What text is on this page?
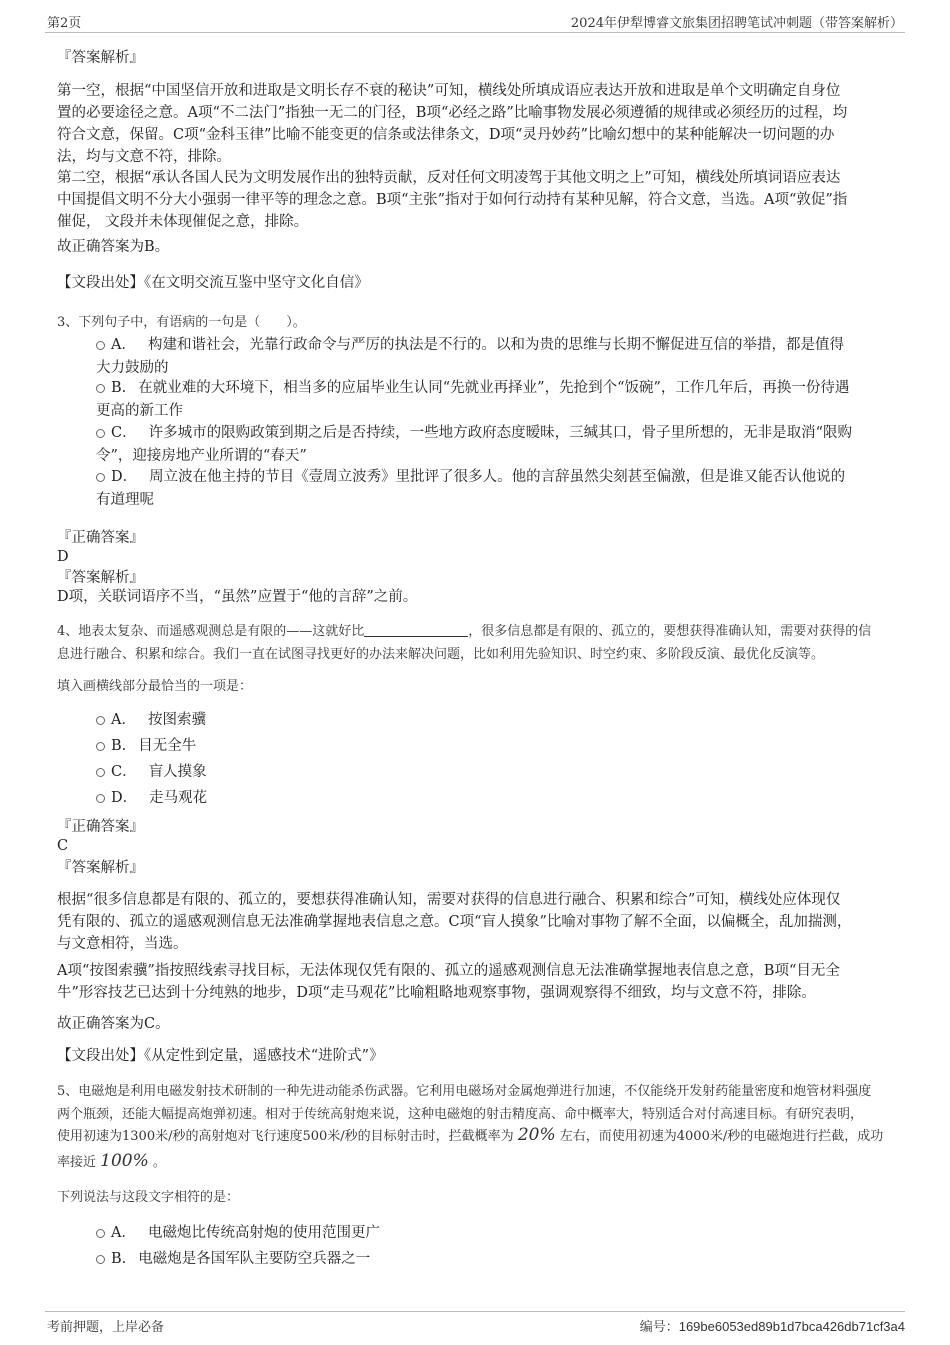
第2页	2024年伊犁博睿文旅集团招聘笔试冲刺题（带答案解析）
『答案解析』
第一空，根据“中国坚信开放和进取是文明长存不衰的秘诀”可知，横线处所填成语应表达开放和进取是单个文明确定自身位
置的必要途径之意。A项“不二法门”指独一无二的门径，B项“必经之路”比喻事物发展必须遵循的规律或必须经历的过程，均
符合文意，保留。C项“金科玉律”比喻不能变更的信条或法律条文，D项“灵丹妙药”比喻幻想中的某种能解决一切问题的办
法，均与文意不符，排除。
第二空，根据“承认各国人民为文明发展作出的独特贡献，反对任何文明凌驾于其他文明之上”可知，横线处所填词语应表达
中国提倡文明不分大小强弱一律平等的理念之意。B项“主张”指对于如何行动持有某种见解，符合文意，当选。A项“敦促”指
催促， 文段并未体现催促之意，排除。
故正确答案为B。
【文段出处】《在文明交流互鉴中坚守文化自信》
3、下列句子中，有语病的一句是（　　）。
A． 构建和谐社会，光靠行政命令与严厉的执法是不行的。以和为贵的思维与长期不懈促进互信的举措，都是值得
大力鼓励的
B. 在就业难的大环境下，相当多的应届毕业生认同“先就业再择业”，先抢到个“饭碗”，工作几年后，再换一份待遇
更高的新工作
C． 许多城市的限购政策到期之后是否持续，一些地方政府态度暧昧，三缄其口，骨子里所想的，无非是取消“限购
令”，迎接房地产业所谓的“春天”
D． 周立波在他主持的节目《壹周立波秀》里批评了很多人。他的言辞虽然尖刻甚至偏激，但是谁又能否认他说的
有道理呢
『正确答案』
D
『答案解析』
D项，关联词语序不当，“虽然”应置于“他的言辞”之前。
4、地表太复杂、而遥感观测总是有限的——这就好比	，很多信息都是有限的、孤立的，要想获得准确认知，需要对获得的信
息进行融合、积累和综合。我们一直在试图寻找更好的办法来解决问题，比如利用先验知识、时空约束、多阶段反演、最优化反演等。
填入画横线部分最恰当的一项是：
A． 按图索骥
B. 目无全牛
C． 盲人摸象
D． 走马观花
『正确答案』
C
『答案解析』
根据“很多信息都是有限的、孤立的，要想获得准确认知，需要对获得的信息进行融合、积累和综合”可知，横线处应体现仅
凭有限的、孤立的遥感观测信息无法准确掌握地表信息之意。C项“盲人摸象”比喻对事物了解不全面，以偏概全，乱加揣测，
与文意相符，当选。
A项“按图索骥”指按照线索寻找目标，无法体现仅凭有限的、孤立的遥感观测信息无法准确掌握地表信息之意，B项“目无全
牛”形容技艺已达到十分纯熟的地步，D项“走马观花”比喻粗略地观察事物，强调观察得不细致，均与文意不符，排除。
故正确答案为C。
【文段出处】《从定性到定量，遥感技术“进阶式”》
5、电磁炮是利用电磁发射技术研制的一种先进动能杀伤武器。它利用电磁场对金属炮弹进行加速，不仅能绕开发射药能量密度和炮管材料强度
两个瓶颈，还能大幅提高炮弹初速。相对于传统高射炮来说，这种电磁炮的射击精度高、命中概率大，特别适合对付高速目标。有研究表明，
使用初速为1300米/秒的高射炮对飞行速度500米/秒的目标射击时，拦截概率为 20% 左右，而使用初速为4000米/秒的电磁炮进行拦截，成功
率接近 100% 。
下列说法与这段文字相符的是：
A． 电磁炮比传统高射炮的使用范围更广
B. 电磁炮是各国军队主要防空兵器之一
考前押题，上岸必备	编号：169be6053ed89b1d7bca426db71cf3a4
